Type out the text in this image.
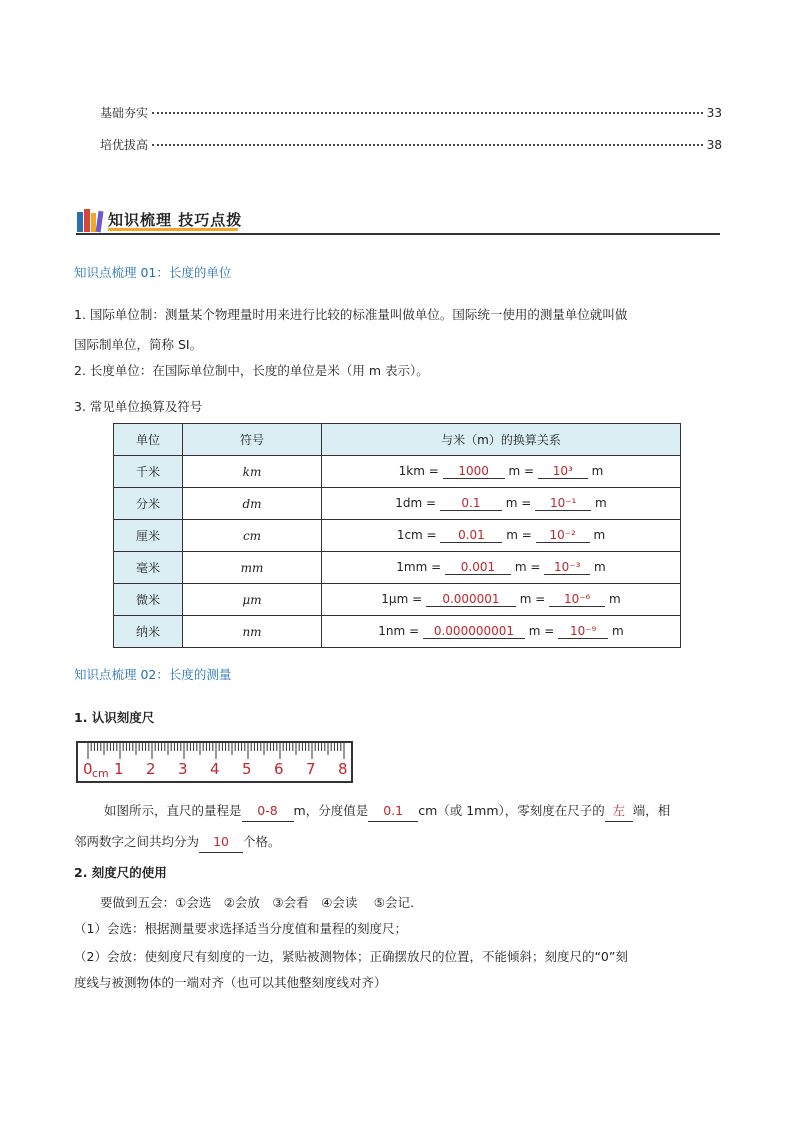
基础夯实	33
培优拔高	38
知识梳理 技巧点拨
知识点梳理 01：长度的单位
1. 国际单位制：测量某个物理量时用来进行比较的标准量叫做单位。国际统一使用的测量单位就叫做
国际制单位，简称 SI。
2. 长度单位：在国际单位制中，长度的单位是米（用 m 表示）。
3. 常见单位换算及符号
单位	符号	与米（m）的换算关系
千米	km	1km = 1000 m = 10³ m
分米	dm	1dm = 0.1 m = 10⁻¹ m
厘米	cm	1cm = 0.01 m = 10⁻² m
毫米	mm	1mm = 0.001 m = 10⁻³ m
微米	μm	1μm = 0.000001 m = 10⁻⁶ m
纳米	nm	1nm = 0.000000001 m = 10⁻⁹ m
知识点梳理 02：长度的测量
1. 认识刻度尺
0 cm 1 2 3 4 5 6 7 8
如图所示，直尺的量程是 0-8 m，分度值是 0.1 cm（或 1mm），零刻度在尺子的 左 端，相
邻两数字之间共均分为 10 个格。
2. 刻度尺的使用
要做到五会：①会选　②会放　③会看　④会读　 ⑤会记.
（1）会选：根据测量要求选择适当分度值和量程的刻度尺；
（2）会放：使刻度尺有刻度的一边，紧贴被测物体；正确摆放尺的位置，不能倾斜；刻度尺的“0”刻
度线与被测物体的一端对齐（也可以其他整刻度线对齐）
